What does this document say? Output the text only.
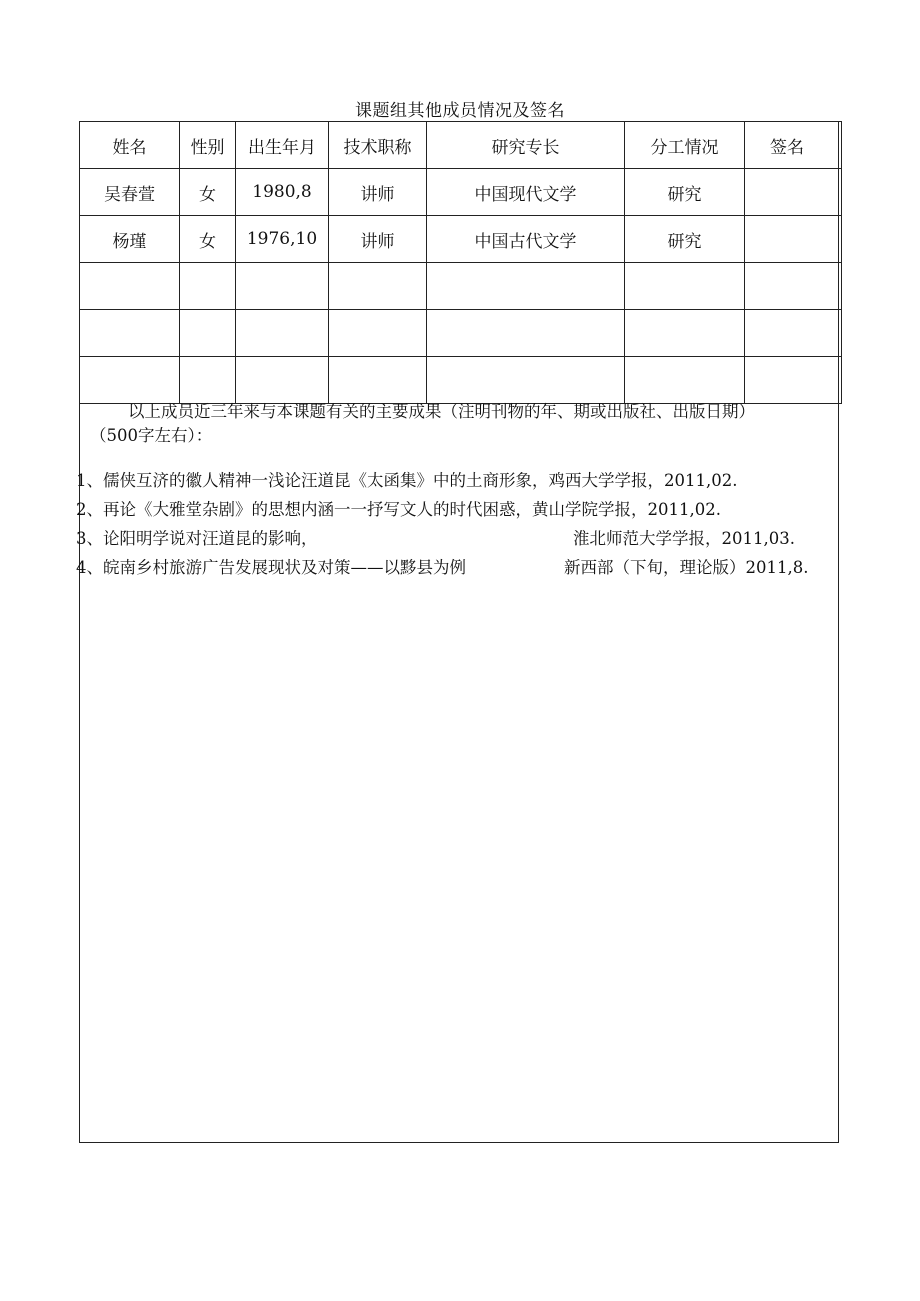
课题组其他成员情况及签名
姓名	性别	出生年月	技术职称	研究专长	分工情况	签名
吴春萱	女	1980,8	讲师	中国现代文学	研究	
杨瑾	女	1976,10	讲师	中国古代文学	研究	

以上成员近三年来与本课题有关的主要成果（注明刊物的年、期或出版社、出版日期）
（500字左右）：
1、儒侠互济的徽人精神一浅论汪道昆《太函集》中的土商形象，鸡西大学学报，2011,02.
2、再论《大雅堂杂剧》的思想内涵一一抒写文人的时代困惑，黄山学院学报，2011,02.
3、论阳明学说对汪道昆的影响，	淮北师范大学学报，2011,03.
4、皖南乡村旅游广告发展现状及对策——以黟县为例	新西部（下旬，理论版）2011,8.
